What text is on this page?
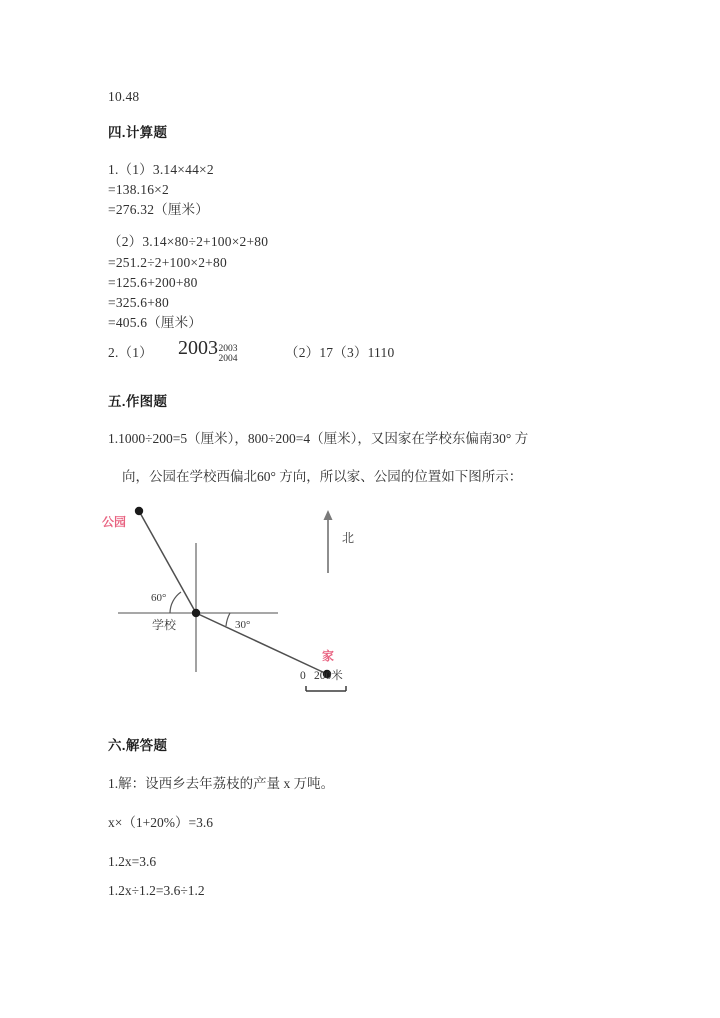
10.48
四.计算题
1.（1）3.14×44×2
=138.16×2
=276.32（厘米）
（2）3.14×80÷2+100×2+80
=251.2÷2+100×2+80
=125.6+200+80
=325.6+80
=405.6（厘米）
2.（1） 2003 2003
2004	（2）17（3）1110
五.作图题
1.1000÷200=5（厘米），800÷200=4（厘米），又因家在学校东偏南30° 方
向，公园在学校西偏北60° 方向，所以家、公园的位置如下图所示：
公园
学校
家
北
60°
30°
0 200米
六.解答题
1.解：设西乡去年荔枝的产量 x 万吨。
x×（1+20%）=3.6
1.2x=3.6
1.2x÷1.2=3.6÷1.2
